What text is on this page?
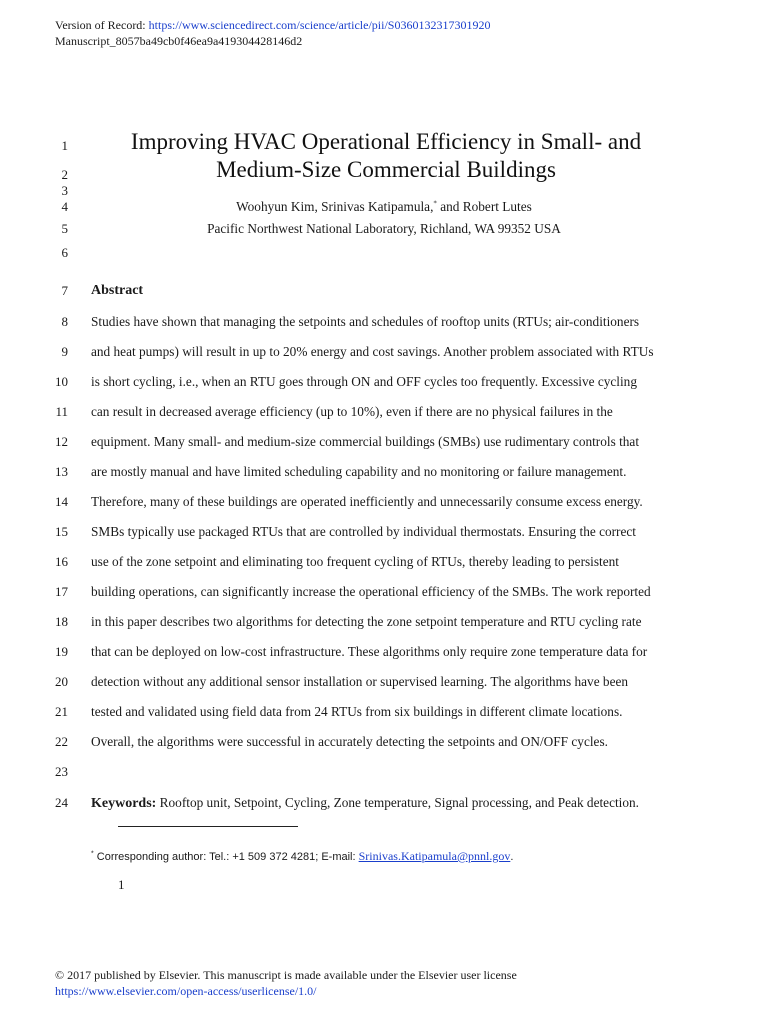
Version of Record: https://www.sciencedirect.com/science/article/pii/S0360132317301920
Manuscript_8057ba49cb0f46ea9a419304428146d2
Improving HVAC Operational Efficiency in Small- and
Medium-Size Commercial Buildings
1
2
3
4
5
6
7
8
9
10
11
12
13
14
15
16
17
18
19
20
21
22
23
24
Woohyun Kim, Srinivas Katipamula,* and Robert Lutes
Pacific Northwest National Laboratory, Richland, WA 99352 USA
Abstract
Studies have shown that managing the setpoints and schedules of rooftop units (RTUs; air-conditioners
and heat pumps) will result in up to 20% energy and cost savings. Another problem associated with RTUs
is short cycling, i.e., when an RTU goes through ON and OFF cycles too frequently. Excessive cycling
can result in decreased average efficiency (up to 10%), even if there are no physical failures in the
equipment. Many small- and medium-size commercial buildings (SMBs) use rudimentary controls that
are mostly manual and have limited scheduling capability and no monitoring or failure management.
Therefore, many of these buildings are operated inefficiently and unnecessarily consume excess energy.
SMBs typically use packaged RTUs that are controlled by individual thermostats. Ensuring the correct
use of the zone setpoint and eliminating too frequent cycling of RTUs, thereby leading to persistent
building operations, can significantly increase the operational efficiency of the SMBs. The work reported
in this paper describes two algorithms for detecting the zone setpoint temperature and RTU cycling rate
that can be deployed on low-cost infrastructure. These algorithms only require zone temperature data for
detection without any additional sensor installation or supervised learning. The algorithms have been
tested and validated using field data from 24 RTUs from six buildings in different climate locations.
Overall, the algorithms were successful in accurately detecting the setpoints and ON/OFF cycles.
Keywords: Rooftop unit, Setpoint, Cycling, Zone temperature, Signal processing, and Peak detection.
* Corresponding author: Tel.: +1 509 372 4281; E-mail: Srinivas.Katipamula@pnnl.gov.
1
© 2017 published by Elsevier. This manuscript is made available under the Elsevier user license
https://www.elsevier.com/open-access/userlicense/1.0/
